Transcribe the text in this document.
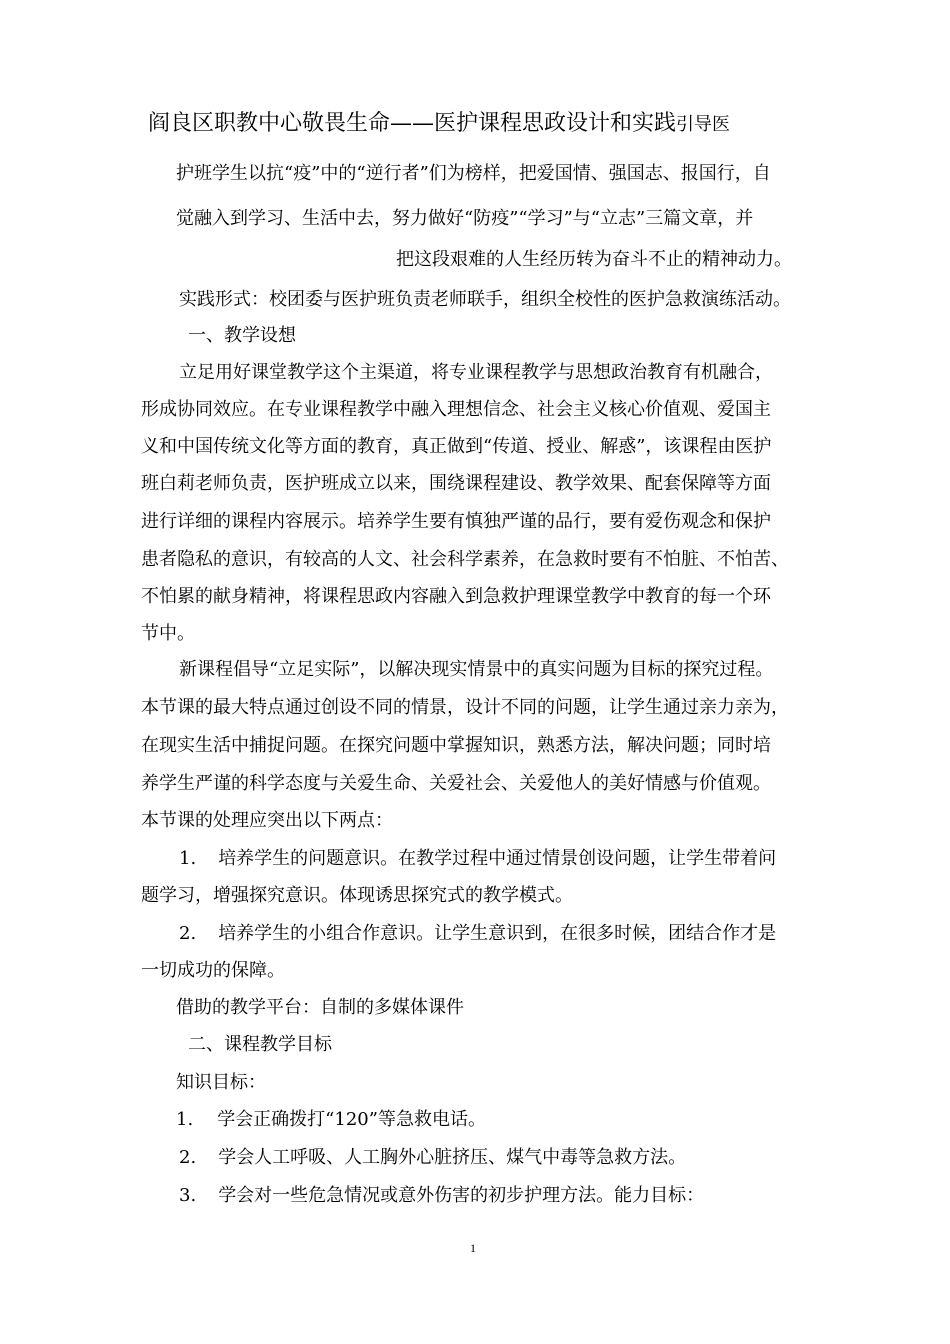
阎良区职教中心敬畏生命——医护课程思政设计和实践引导医
护班学生以抗“疫”中的“逆行者”们为榜样，把爱国情、强国志、报国行，自
觉融入到学习、生活中去，努力做好“防疫”“学习”与“立志”三篇文章，并
把这段艰难的人生经历转为奋斗不止的精神动力。
实践形式：校团委与医护班负责老师联手，组织全校性的医护急救演练活动。
一、教学设想
立足用好课堂教学这个主渠道，将专业课程教学与思想政治教育有机融合，
形成协同效应。在专业课程教学中融入理想信念、社会主义核心价值观、爱国主
义和中国传统文化等方面的教育，真正做到“传道、授业、解惑”，该课程由医护
班白莉老师负责，医护班成立以来，围绕课程建设、教学效果、配套保障等方面
进行详细的课程内容展示。培养学生要有慎独严谨的品行，要有爱伤观念和保护
患者隐私的意识，有较高的人文、社会科学素养，在急救时要有不怕脏、不怕苦、
不怕累的献身精神，将课程思政内容融入到急救护理课堂教学中教育的每一个环
节中。
新课程倡导“立足实际”，以解决现实情景中的真实问题为目标的探究过程。
本节课的最大特点通过创设不同的情景，设计不同的问题，让学生通过亲力亲为，
在现实生活中捕捉问题。在探究问题中掌握知识，熟悉方法，解决问题；同时培
养学生严谨的科学态度与关爱生命、关爱社会、关爱他人的美好情感与价值观。
本节课的处理应突出以下两点：
1. 培养学生的问题意识。在教学过程中通过情景创设问题，让学生带着问
题学习，增强探究意识。体现诱思探究式的教学模式。
2. 培养学生的小组合作意识。让学生意识到，在很多时候，团结合作才是
一切成功的保障。
借助的教学平台：自制的多媒体课件
二、课程教学目标
知识目标：
1. 学会正确拨打“120”等急救电话。
2. 学会人工呼吸、人工胸外心脏挤压、煤气中毒等急救方法。
3. 学会对一些危急情况或意外伤害的初步护理方法。能力目标：
1
